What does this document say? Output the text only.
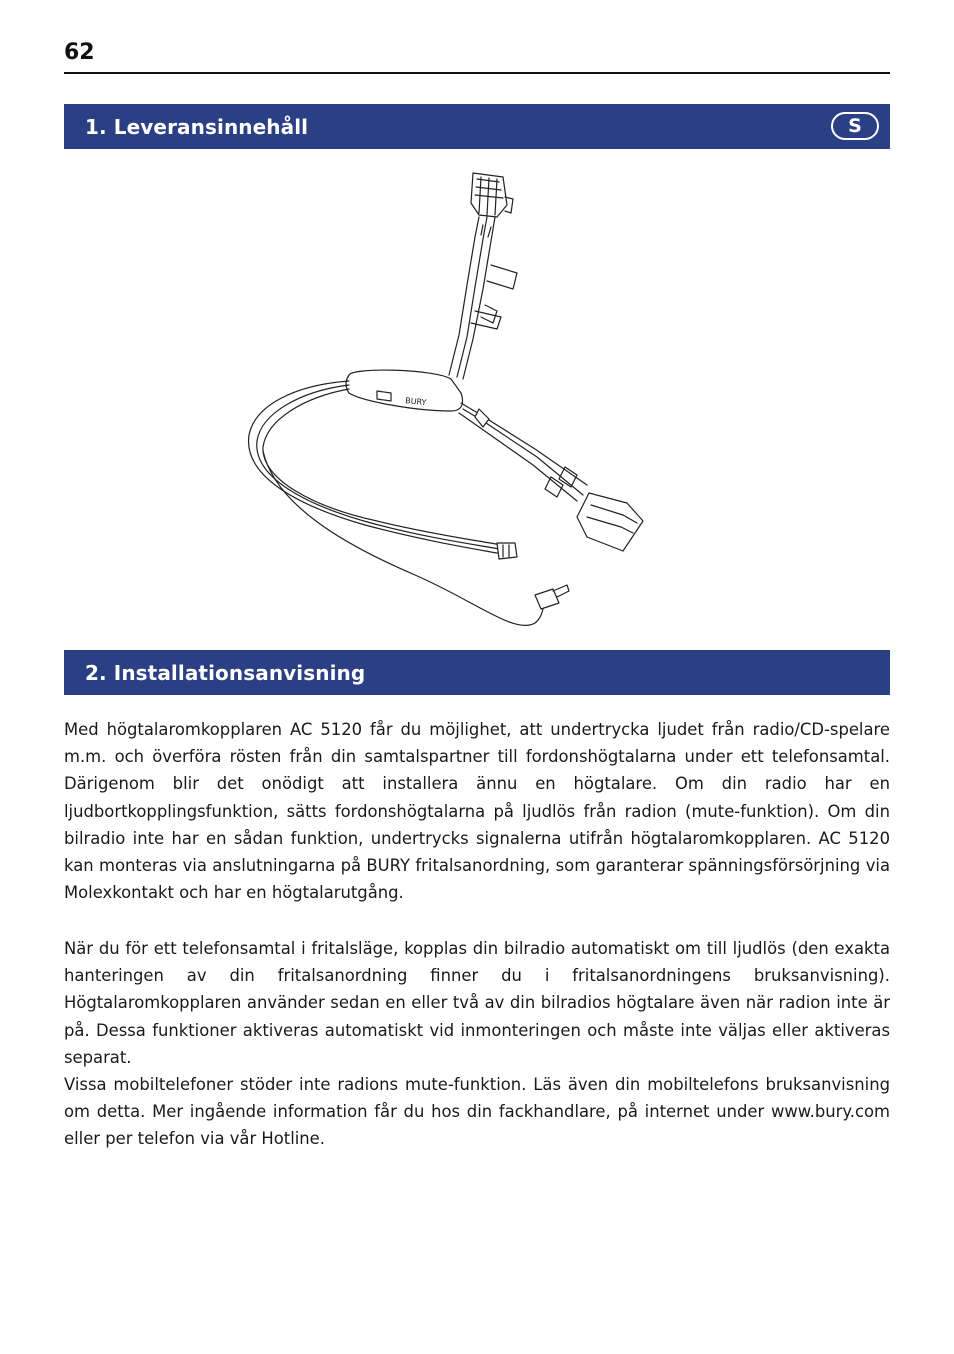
62
1. Leveransinnehåll	S
BURY
2. Installationsanvisning

Med högtalaromkopplaren AC 5120 får du möjlighet, att undertrycka ljudet från radio/CD-spelare m.m. och överföra rösten från din samtalspartner till fordonshögtalarna under ett telefonsamtal. Därigenom blir det onödigt att installera ännu en högtalare. Om din radio har en ljudbortkopplingsfunktion, sätts fordonshögtalarna på ljudlös från radion (mute-funktion). Om din bilradio inte har en sådan funktion, undertrycks signalerna utifrån högtalaromkopplaren. AC 5120 kan monteras via anslutningarna på BURY fritalsanordning, som garanterar spänningsförsörjning via Molexkontakt och har en högtalarutgång.

När du för ett telefonsamtal i fritalsläge, kopplas din bilradio automatiskt om till ljudlös (den exakta hanteringen av din fritalsanordning finner du i fritalsanordningens bruksanvisning). Högtalaromkopplaren använder sedan en eller två av din bilradios högtalare även när radion inte är på. Dessa funktioner aktiveras automatiskt vid inmonteringen och måste inte väljas eller aktiveras separat.

Vissa mobiltelefoner stöder inte radions mute-funktion. Läs även din mobiltelefons bruksanvisning om detta. Mer ingående information får du hos din fackhandlare, på internet under www.bury.com eller per telefon via vår Hotline.
